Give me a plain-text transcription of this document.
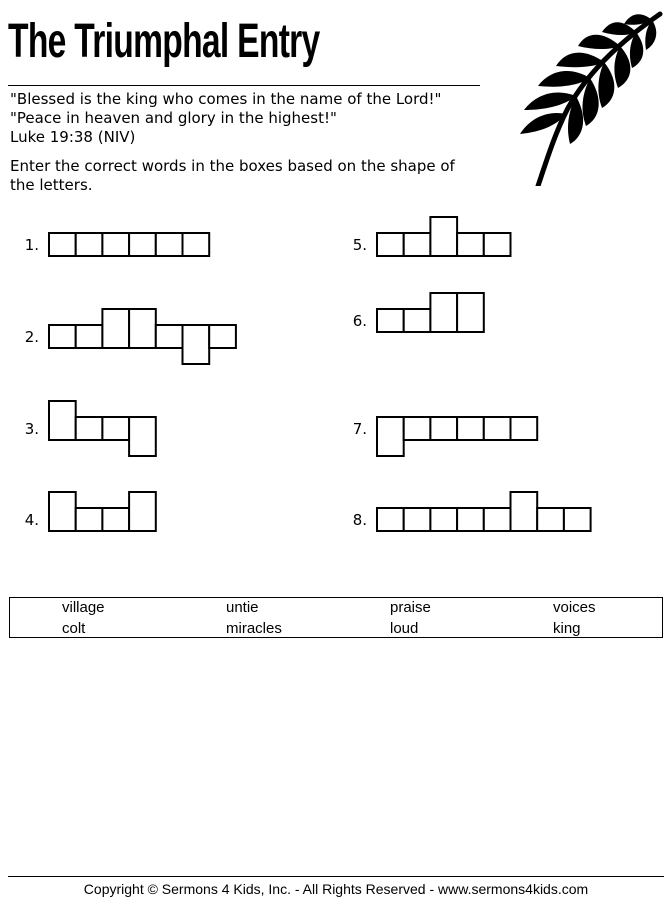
The Triumphal Entry

"Blessed is the king who comes in the name of the Lord!" "Peace in heaven and glory in the highest!"

Luke 19:38 (NIV)

Enter the correct words in the boxes based on the shape of the letters.

1.
2.
3.
4.
5.
6.
7.
8.
village	untie	praise	voices
colt	miracles	loud	king
Copyright © Sermons 4 Kids, Inc. - All Rights Reserved - www.sermons4kids.com
